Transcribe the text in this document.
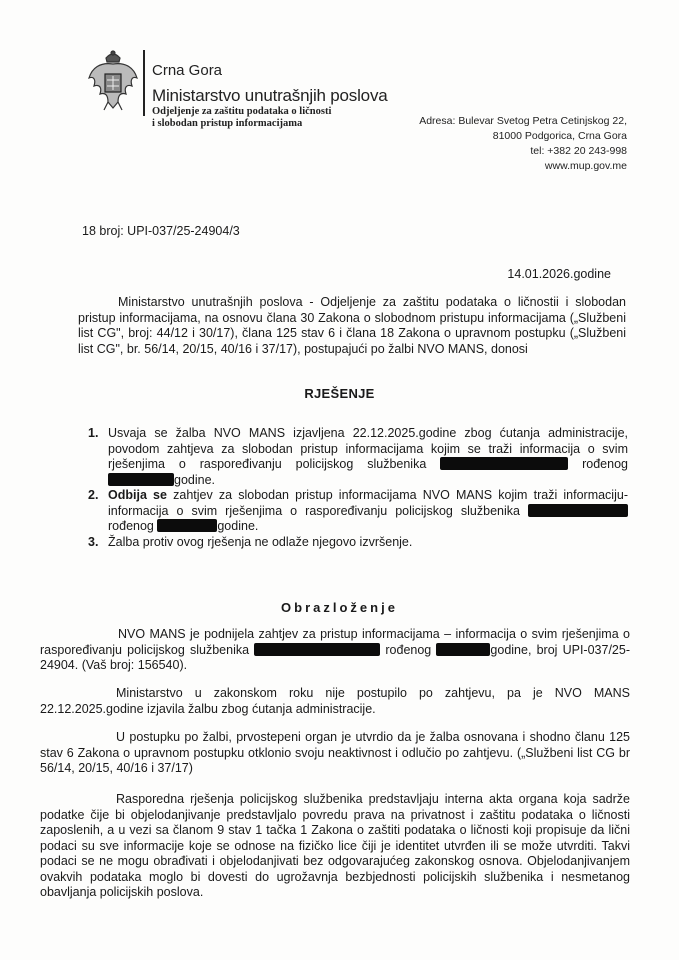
Crna Gora
Ministarstvo unutrašnjih poslova
Odjeljenje za zaštitu podataka o ličnosti
i slobodan pristup informacijama	Adresa: Bulevar Svetog Petra Cetinjskog 22,
81000 Podgorica, Crna Gora
tel: +382 20 243-998
www.mup.gov.me
18 broj: UPI-037/25-24904/3
14.01.2026.godine
Ministarstvo unutrašnjih poslova - Odjeljenje za zaštitu podataka o ličnostii i slobodan pristup informacijama, na osnovu člana 30 Zakona o slobodnom pristupu informacijama („Službeni list CG", broj: 44/12 i 30/17), člana 125 stav 6 i člana 18 Zakona o upravnom postupku („Službeni list CG", br. 56/14, 20/15, 40/16 i 37/17), postupajući po žalbi NVO MANS, donosi
RJEŠENJE
1. Usvaja se žalba NVO MANS izjavljena 22.12.2025.godine zbog ćutanja administracije, povodom zahtjeva za slobodan pristup informacijama kojim se traži informacija o svim rješenjima o raspoređivanju policijskog službenika	rođenog godine.
2. Odbija se zahtjev za slobodan pristup informacijama NVO MANS kojim traži informaciju-informacija o svim rješenjima o raspoređivanju policijskog službenika  rođenog	godine.
3. Žalba protiv ovog rješenja ne odlaže njegovo izvršenje.
Obrazloženje
NVO MANS je podnijela zahtjev za pristup informacijama – informacija o svim rješenjima o raspoređivanju policijskog službenika	rođenog	godine, broj UPI-037/25-24904. (Vaš broj: 156540).
Ministarstvo u zakonskom roku nije postupilo po zahtjevu, pa je NVO MANS 22.12.2025.godine izjavila žalbu zbog ćutanja administracije.
U postupku po žalbi, prvostepeni organ je utvrdio da je žalba osnovana i shodno članu 125 stav 6 Zakona o upravnom postupku otklonio svoju neaktivnost i odlučio po zahtjevu. („Službeni list CG br 56/14, 20/15, 40/16 i 37/17)
Rasporedna rješenja policijskog službenika predstavljaju interna akta organa koja sadrže podatke čije bi objelodanjivanje predstavljalo povredu prava na privatnost i zaštitu podataka o ličnosti zaposlenih, a u vezi sa članom 9 stav 1 tačka 1 Zakona o zaštiti podataka o ličnosti koji propisuje da lični podaci su sve informacije koje se odnose na fizičko lice čiji je identitet utvrđen ili se može utvrditi. Takvi podaci se ne mogu obrađivati i objelodanjivati bez odgovarajućeg zakonskog osnova. Objelodanjivanjem ovakvih podataka moglo bi dovesti do ugrožavnja bezbjednosti policijskih službenika i nesmetanog obavljanja policijskih poslova.
